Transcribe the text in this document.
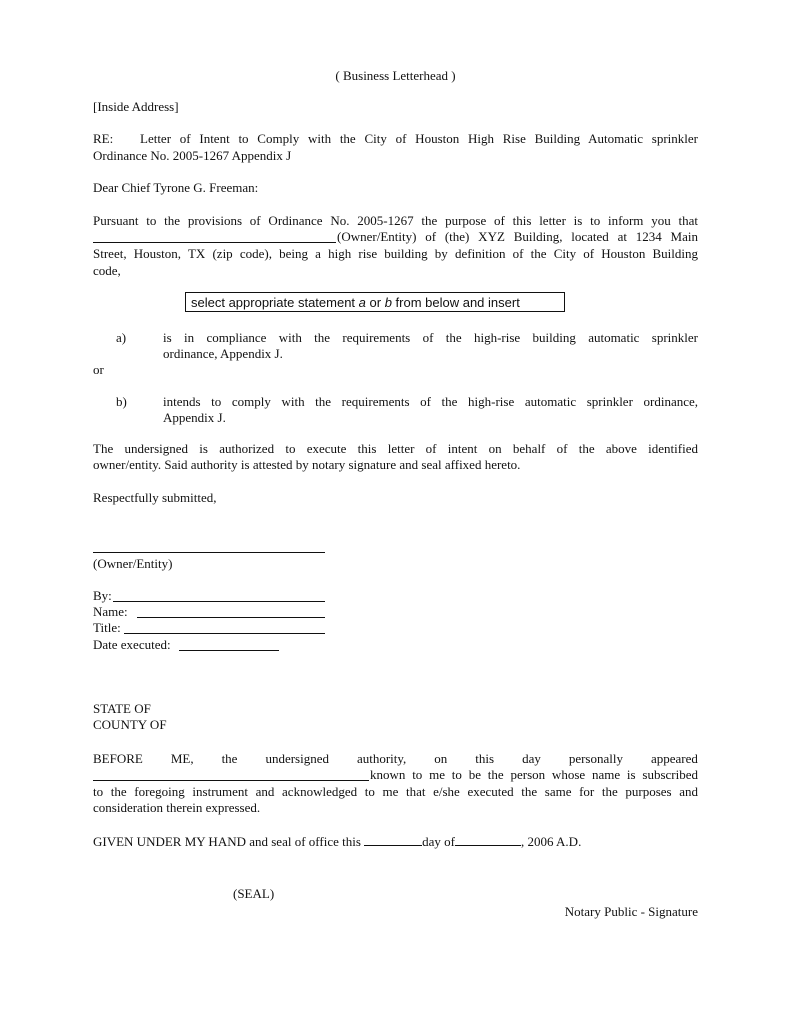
( Business Letterhead )
[Inside Address]
RE: Letter of Intent to Comply with the City of Houston High Rise Building Automatic sprinkler
Ordinance No. 2005-1267 Appendix J
Dear Chief Tyrone G. Freeman:
Pursuant to the provisions of Ordinance No. 2005-1267 the purpose of this letter is to inform you that
(Owner/Entity) of (the) XYZ Building, located at 1234 Main
Street, Houston, TX (zip code), being a high rise building by definition of the City of Houston Building
code,
select appropriate statement a or b from below and insert
a)	is in compliance with the requirements of the high-rise building automatic sprinkler
ordinance, Appendix J.
or
b)	intends to comply with the requirements of the high-rise automatic sprinkler ordinance,
Appendix J.
The undersigned is authorized to execute this letter of intent on behalf of the above identified
owner/entity. Said authority is attested by notary signature and seal affixed hereto.
Respectfully submitted,
(Owner/Entity)
By:
Name:
Title:
Date executed:
STATE OF
COUNTY OF
BEFORE ME, the undersigned authority, on this day personally appeared
known to me to be the person whose name is subscribed
to the foregoing instrument and acknowledged to me that e/she executed the same for the purposes and
consideration therein expressed.
GIVEN UNDER MY HAND and seal of office this	day of	, 2006 A.D.
(SEAL)
Notary Public - Signature
